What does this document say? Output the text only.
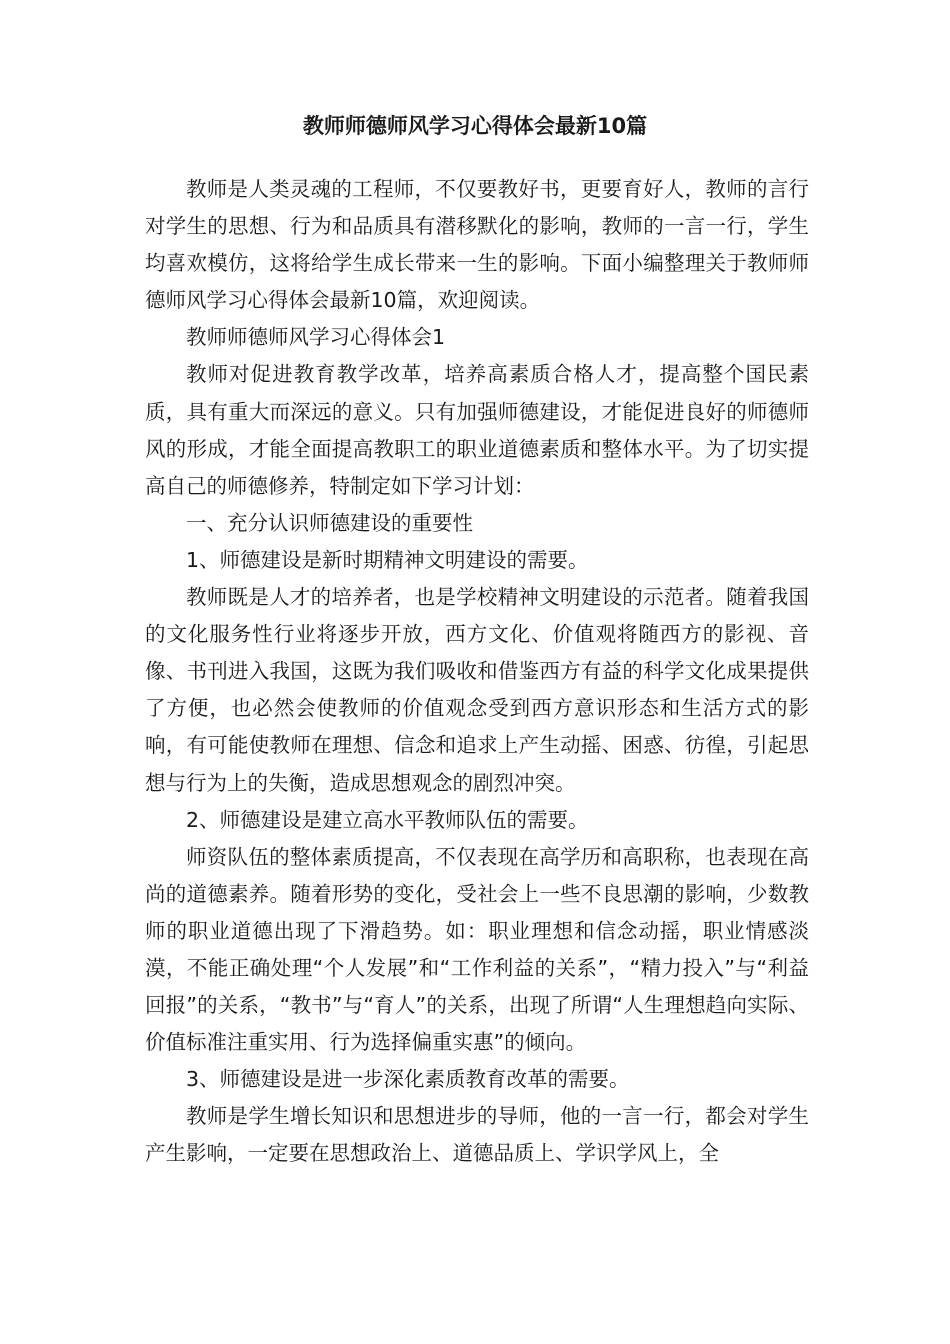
教师师德师风学习心得体会最新10篇

教师是人类灵魂的工程师，不仅要教好书，更要育好人，教师的言行对学生的思想、行为和品质具有潜移默化的影响，教师的一言一行，学生均喜欢模仿，这将给学生成长带来一生的影响。下面小编整理关于教师师德师风学习心得体会最新10篇，欢迎阅读。

教师师德师风学习心得体会1

教师对促进教育教学改革，培养高素质合格人才，提高整个国民素质，具有重大而深远的意义。只有加强师德建设，才能促进良好的师德师风的形成，才能全面提高教职工的职业道德素质和整体水平。为了切实提高自己的师德修养，特制定如下学习计划：

一、充分认识师德建设的重要性

1、师德建设是新时期精神文明建设的需要。

教师既是人才的培养者，也是学校精神文明建设的示范者。随着我国的文化服务性行业将逐步开放，西方文化、价值观将随西方的影视、音像、书刊进入我国，这既为我们吸收和借鉴西方有益的科学文化成果提供了方便，也必然会使教师的价值观念受到西方意识形态和生活方式的影响，有可能使教师在理想、信念和追求上产生动摇、困惑、彷徨，引起思想与行为上的失衡，造成思想观念的剧烈冲突。

2、师德建设是建立高水平教师队伍的需要。

师资队伍的整体素质提高，不仅表现在高学历和高职称，也表现在高尚的道德素养。随着形势的变化，受社会上一些不良思潮的影响，少数教师的职业道德出现了下滑趋势。如：职业理想和信念动摇，职业情感淡漠，不能正确处理“个人发展”和“工作利益的关系”，“精力投入”与“利益回报”的关系，“教书”与“育人”的关系，出现了所谓“人生理想趋向实际、价值标准注重实用、行为选择偏重实惠”的倾向。

3、师德建设是进一步深化素质教育改革的需要。

教师是学生增长知识和思想进步的导师，他的一言一行，都会对学生产生影响，一定要在思想政治上、道德品质上、学识学风上，全
